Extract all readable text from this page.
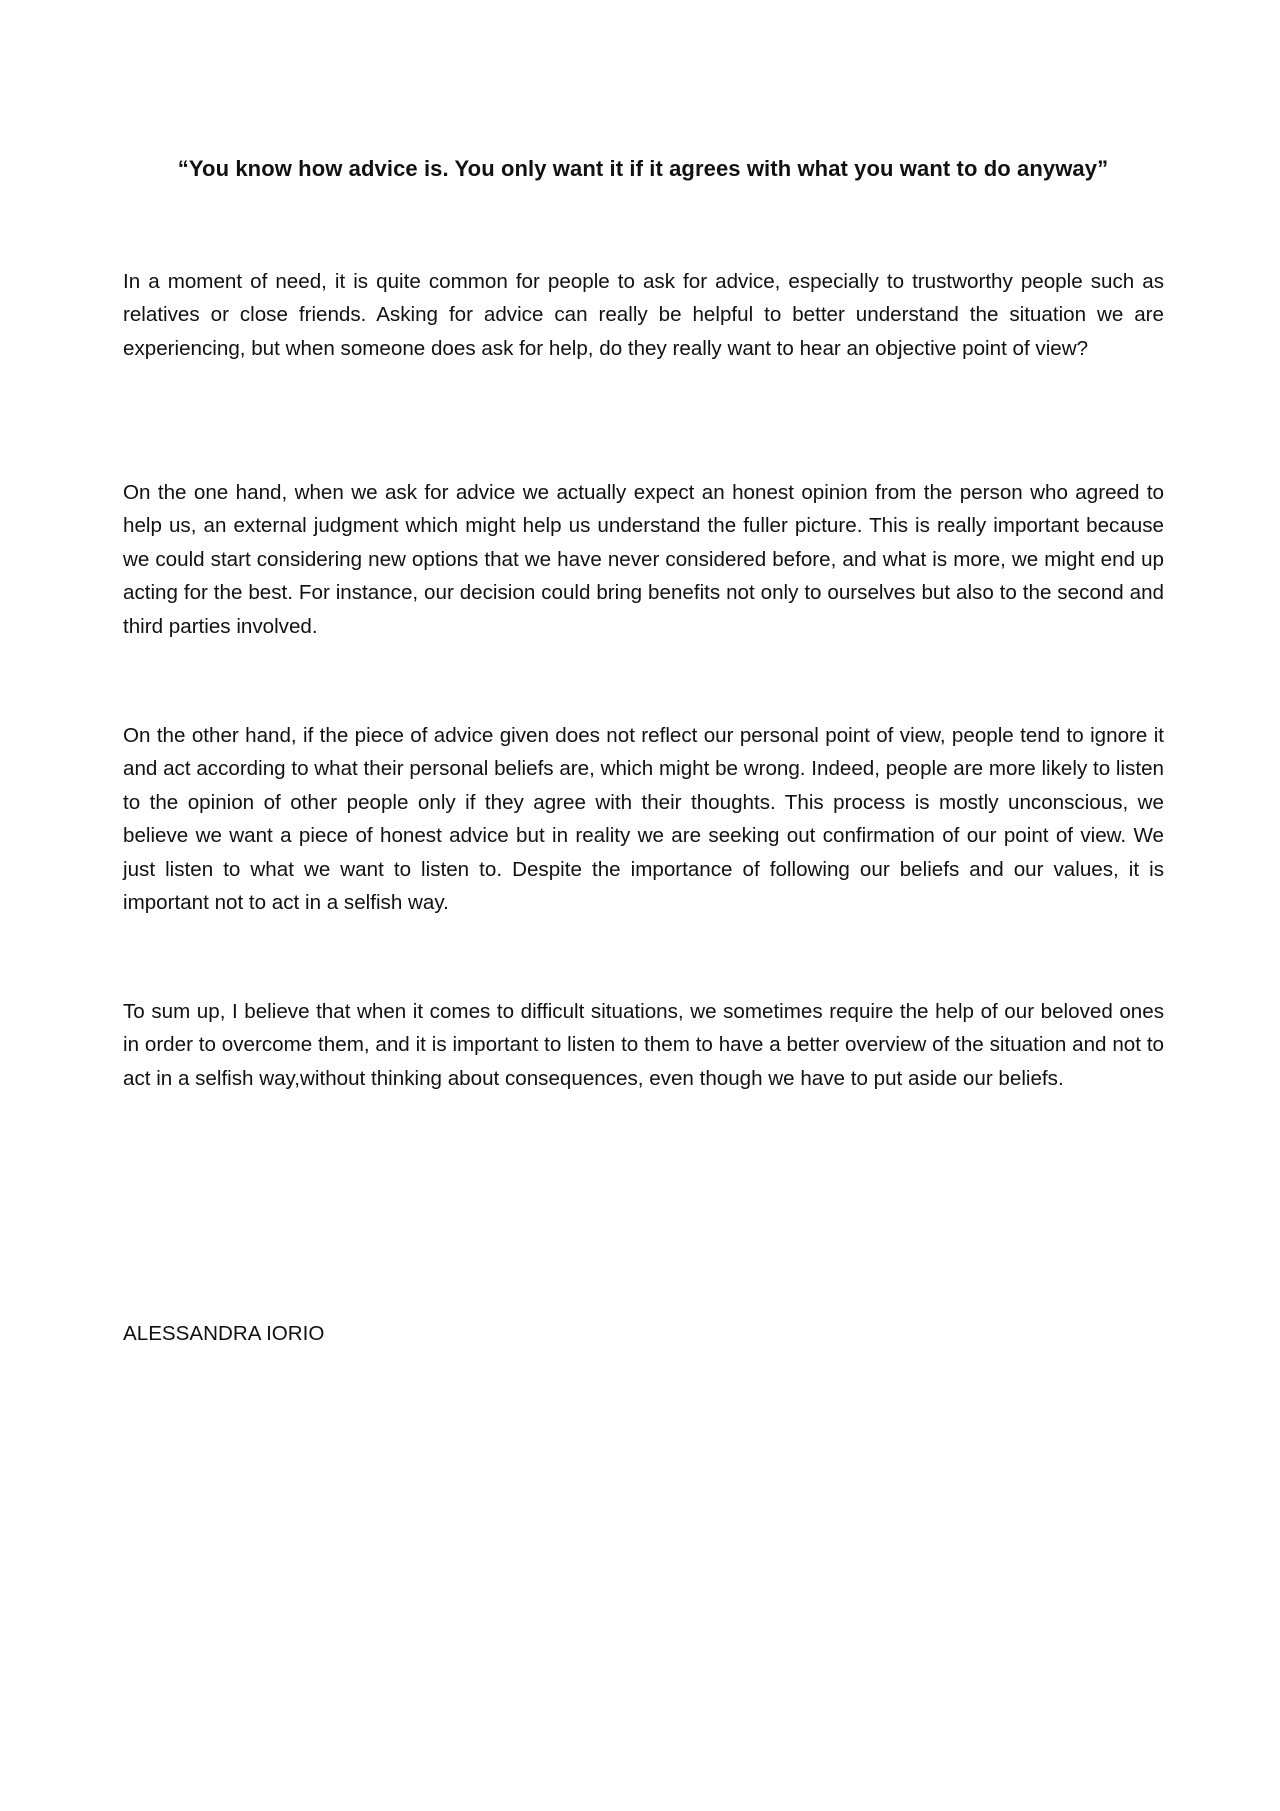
“You know how advice is. You only want it if it agrees with what you want to do anyway”

In a moment of need, it is quite common for people to ask for advice, especially to trustworthy people such as relatives or close friends. Asking for advice can really be helpful to better understand the situation we are experiencing, but when someone does ask for help, do they really want to hear an objective point of view?

On the one hand, when we ask for advice we actually expect an honest opinion from the person who agreed to help us, an external judgment which might help us understand the fuller picture. This is really important because we could start considering new options that we have never considered before, and what is more, we might end up acting for the best. For instance, our decision could bring benefits not only to ourselves but also to the second and third parties involved.

On the other hand, if the piece of advice given does not reflect our personal point of view, people tend to ignore it and act according to what their personal beliefs are, which might be wrong. Indeed, people are more likely to listen to the opinion of other people only if they agree with their thoughts. This process is mostly unconscious, we believe we want a piece of honest advice but in reality we are seeking out confirmation of our point of view. We just listen to what we want to listen to. Despite the importance of following our beliefs and our values, it is important not to act in a selfish way.

To sum up, I believe that when it comes to difficult situations, we sometimes require the help of our beloved ones in order to overcome them, and it is important to listen to them to have a better overview of the situation and not to act in a selfish way,without thinking about consequences, even though we have to put aside our beliefs.

ALESSANDRA IORIO
